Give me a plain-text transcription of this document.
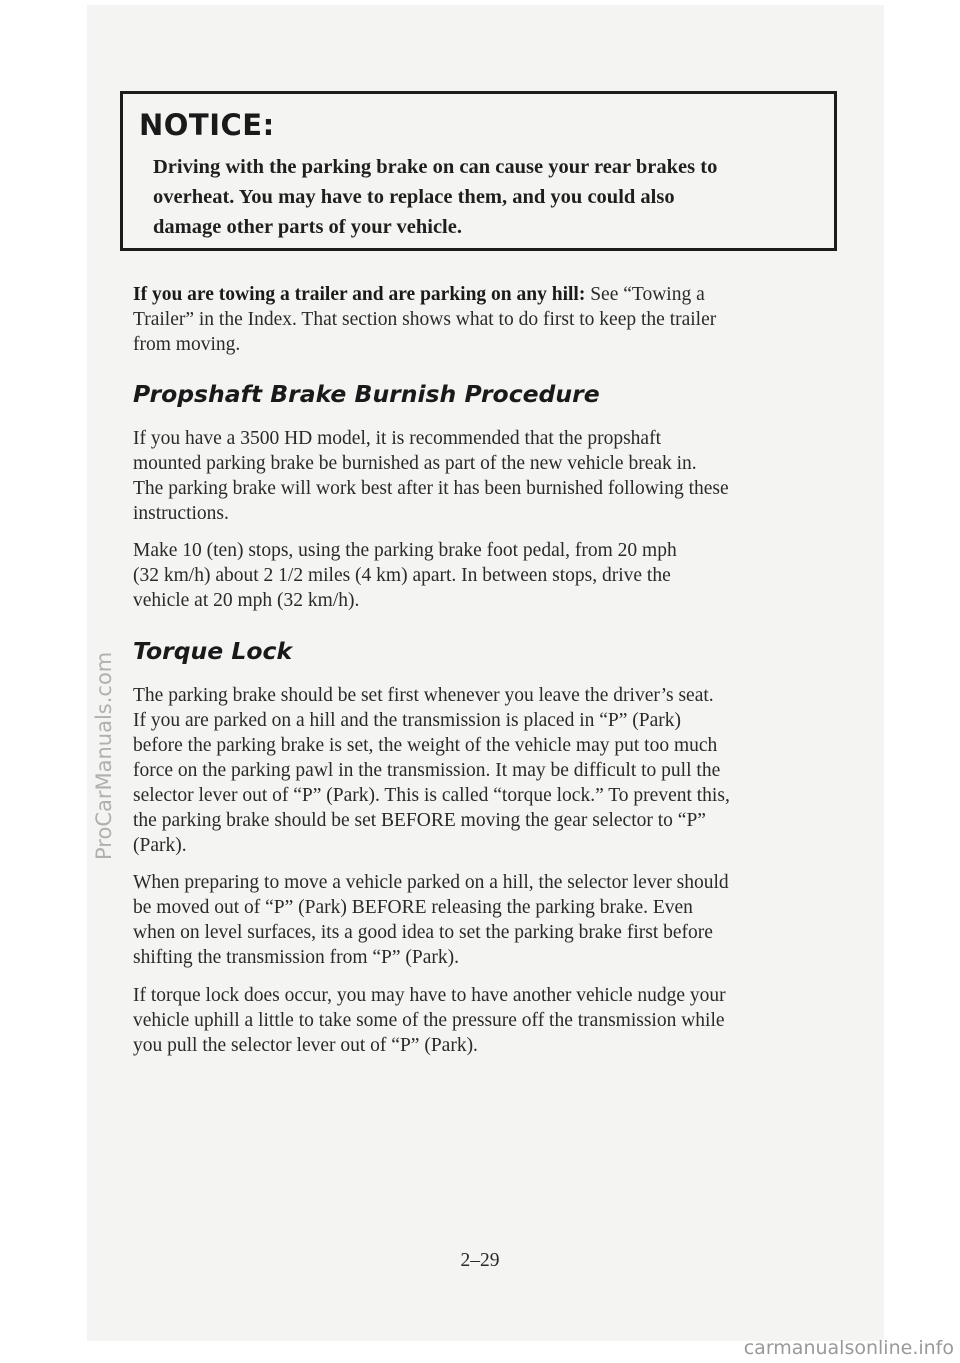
NOTICE:
Driving with the parking brake on can cause your rear brakes to
overheat. You may have to replace them, and you could also
damage other parts of your vehicle.
If you are towing a trailer and are parking on any hill: See “Towing a
Trailer” in the Index. That section shows what to do first to keep the trailer
from moving.
Propshaft Brake Burnish Procedure
If you have a 3500 HD model, it is recommended that the propshaft
mounted parking brake be burnished as part of the new vehicle break in.
The parking brake will work best after it has been burnished following these
instructions.
Make 10 (ten) stops, using the parking brake foot pedal, from 20 mph
(32 km/h) about 2 1/2 miles (4 km) apart. In between stops, drive the
vehicle at 20 mph (32 km/h).
Torque Lock
The parking brake should be set first whenever you leave the driver’s seat.
If you are parked on a hill and the transmission is placed in “P” (Park)
before the parking brake is set, the weight of the vehicle may put too much
force on the parking pawl in the transmission. It may be difficult to pull the
selector lever out of “P” (Park). This is called “torque lock.” To prevent this,
the parking brake should be set BEFORE moving the gear selector to “P”
(Park).
When preparing to move a vehicle parked on a hill, the selector lever should
be moved out of “P” (Park) BEFORE releasing the parking brake. Even
when on level surfaces, its a good idea to set the parking brake first before
shifting the transmission from “P” (Park).
If torque lock does occur, you may have to have another vehicle nudge your
vehicle uphill a little to take some of the pressure off the transmission while
you pull the selector lever out of “P” (Park).
2–29
ProCarManuals.com
carmanualsonline.info
